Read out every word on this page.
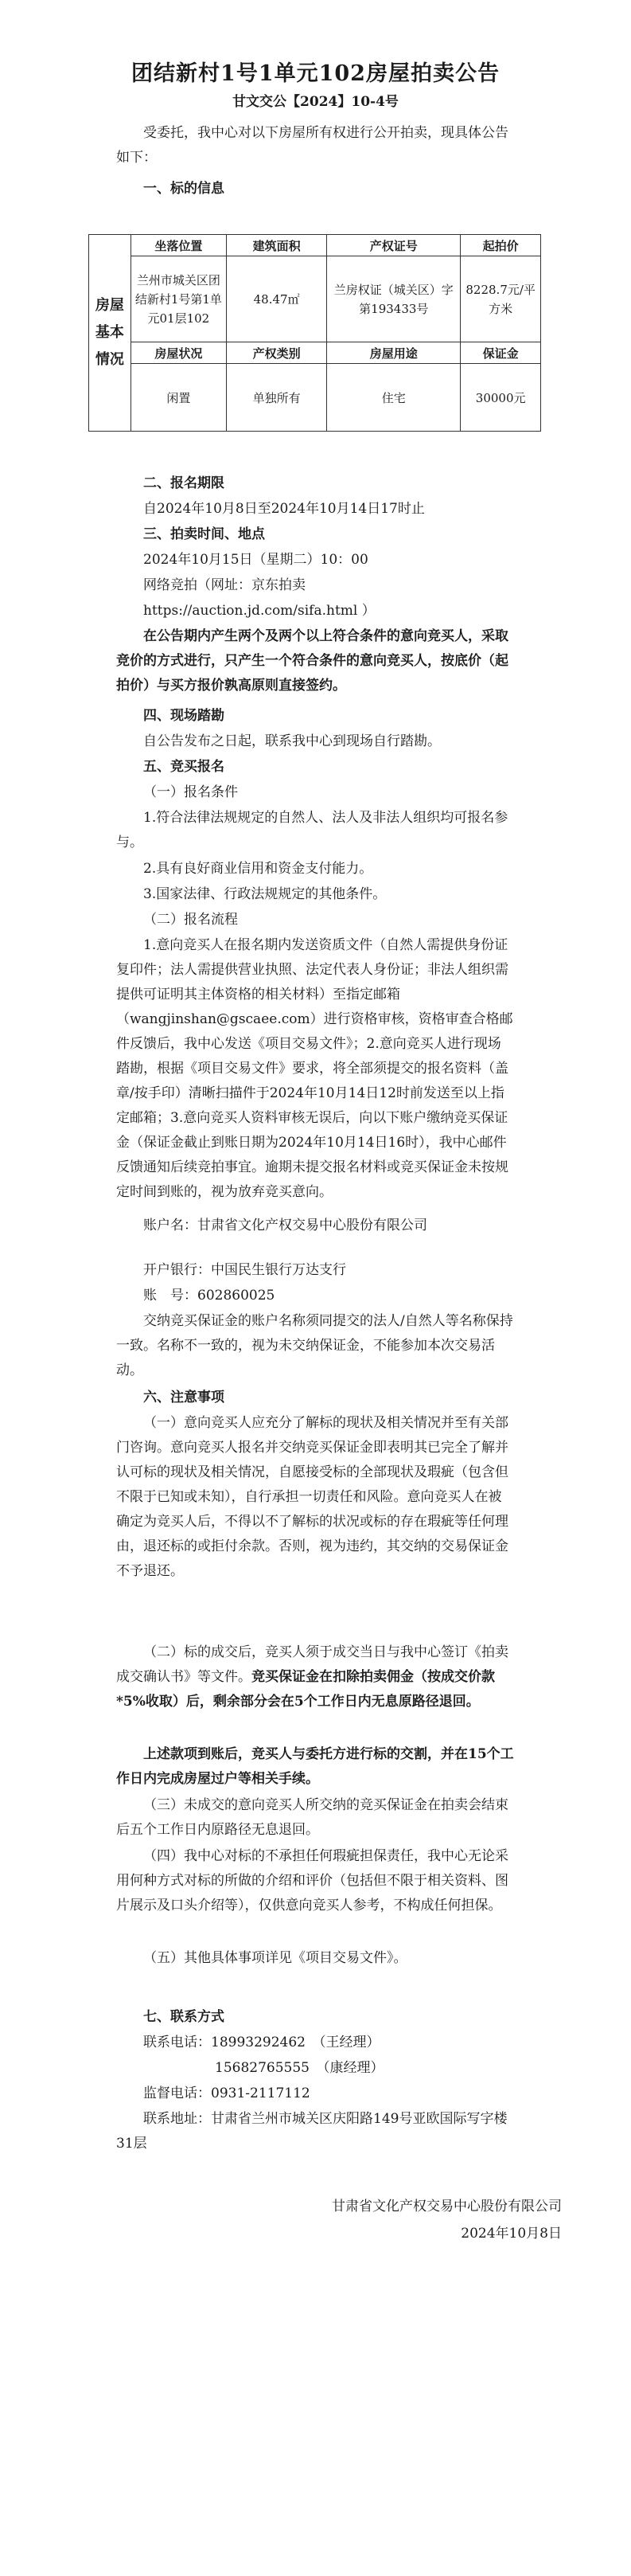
团结新村1号1单元102房屋拍卖公告
甘文交公【2024】10-4号
受委托，我中心对以下房屋所有权进行公开拍卖，现具体公告如下：
一、标的信息
房屋基本情况	坐落位置	建筑面积	产权证号	起拍价
	兰州市城关区团结新村1号第1单元01层102	48.47㎡	兰房权证（城关区）字第193433号	8228.7元/平方米
	房屋状况	产权类别	房屋用途	保证金
	闲置	单独所有	住宅	30000元
二、报名期限
自2024年10月8日至2024年10月14日17时止
三、拍卖时间、地点
2024年10月15日（星期二）10：00
网络竞拍（网址：京东拍卖
https://auction.jd.com/sifa.html ）
在公告期内产生两个及两个以上符合条件的意向竞买人，采取竞价的方式进行，只产生一个符合条件的意向竞买人，按底价（起拍价）与买方报价孰高原则直接签约。
四、现场踏勘
自公告发布之日起，联系我中心到现场自行踏勘。
五、竞买报名
（一）报名条件
1.符合法律法规规定的自然人、法人及非法人组织均可报名参与。
2.具有良好商业信用和资金支付能力。
3.国家法律、行政法规规定的其他条件。
（二）报名流程
1.意向竞买人在报名期内发送资质文件（自然人需提供身份证复印件；法人需提供营业执照、法定代表人身份证；非法人组织需提供可证明其主体资格的相关材料）至指定邮箱（wangjinshan@gscaee.com）进行资格审核，资格审查合格邮件反馈后，我中心发送《项目交易文件》；2.意向竞买人进行现场踏勘，根据《项目交易文件》要求，将全部须提交的报名资料（盖章/按手印）清晰扫描件于2024年10月14日12时前发送至以上指定邮箱；3.意向竞买人资料审核无误后，向以下账户缴纳竞买保证金（保证金截止到账日期为2024年10月14日16时），我中心邮件反馈通知后续竞拍事宜。逾期未提交报名材料或竞买保证金未按规定时间到账的，视为放弃竞买意向。
账户名：甘肃省文化产权交易中心股份有限公司
开户银行：中国民生银行万达支行
账　号：602860025
交纳竞买保证金的账户名称须同提交的法人/自然人等名称保持一致。名称不一致的，视为未交纳保证金，不能参加本次交易活动。
六、注意事项
（一）意向竞买人应充分了解标的现状及相关情况并至有关部门咨询。意向竞买人报名并交纳竞买保证金即表明其已完全了解并认可标的现状及相关情况，自愿接受标的全部现状及瑕疵（包含但不限于已知或未知），自行承担一切责任和风险。意向竞买人在被确定为竞买人后，不得以不了解标的状况或标的存在瑕疵等任何理由，退还标的或拒付余款。否则，视为违约，其交纳的交易保证金不予退还。
（二）标的成交后，竞买人须于成交当日与我中心签订《拍卖成交确认书》等文件。竞买保证金在扣除拍卖佣金（按成交价款*5%收取）后，剩余部分会在5个工作日内无息原路径退回。
上述款项到账后，竞买人与委托方进行标的交割，并在15个工作日内完成房屋过户等相关手续。
（三）未成交的意向竞买人所交纳的竞买保证金在拍卖会结束后五个工作日内原路径无息退回。
（四）我中心对标的不承担任何瑕疵担保责任，我中心无论采用何种方式对标的所做的介绍和评价（包括但不限于相关资料、图片展示及口头介绍等），仅供意向竞买人参考，不构成任何担保。
（五）其他具体事项详见《项目交易文件》。
七、联系方式
联系电话：18993292462　（王经理）
15682765555　（康经理）
监督电话：0931-2117112
联系地址：甘肃省兰州市城关区庆阳路149号亚欧国际写字楼31层
甘肃省文化产权交易中心股份有限公司
2024年10月8日
